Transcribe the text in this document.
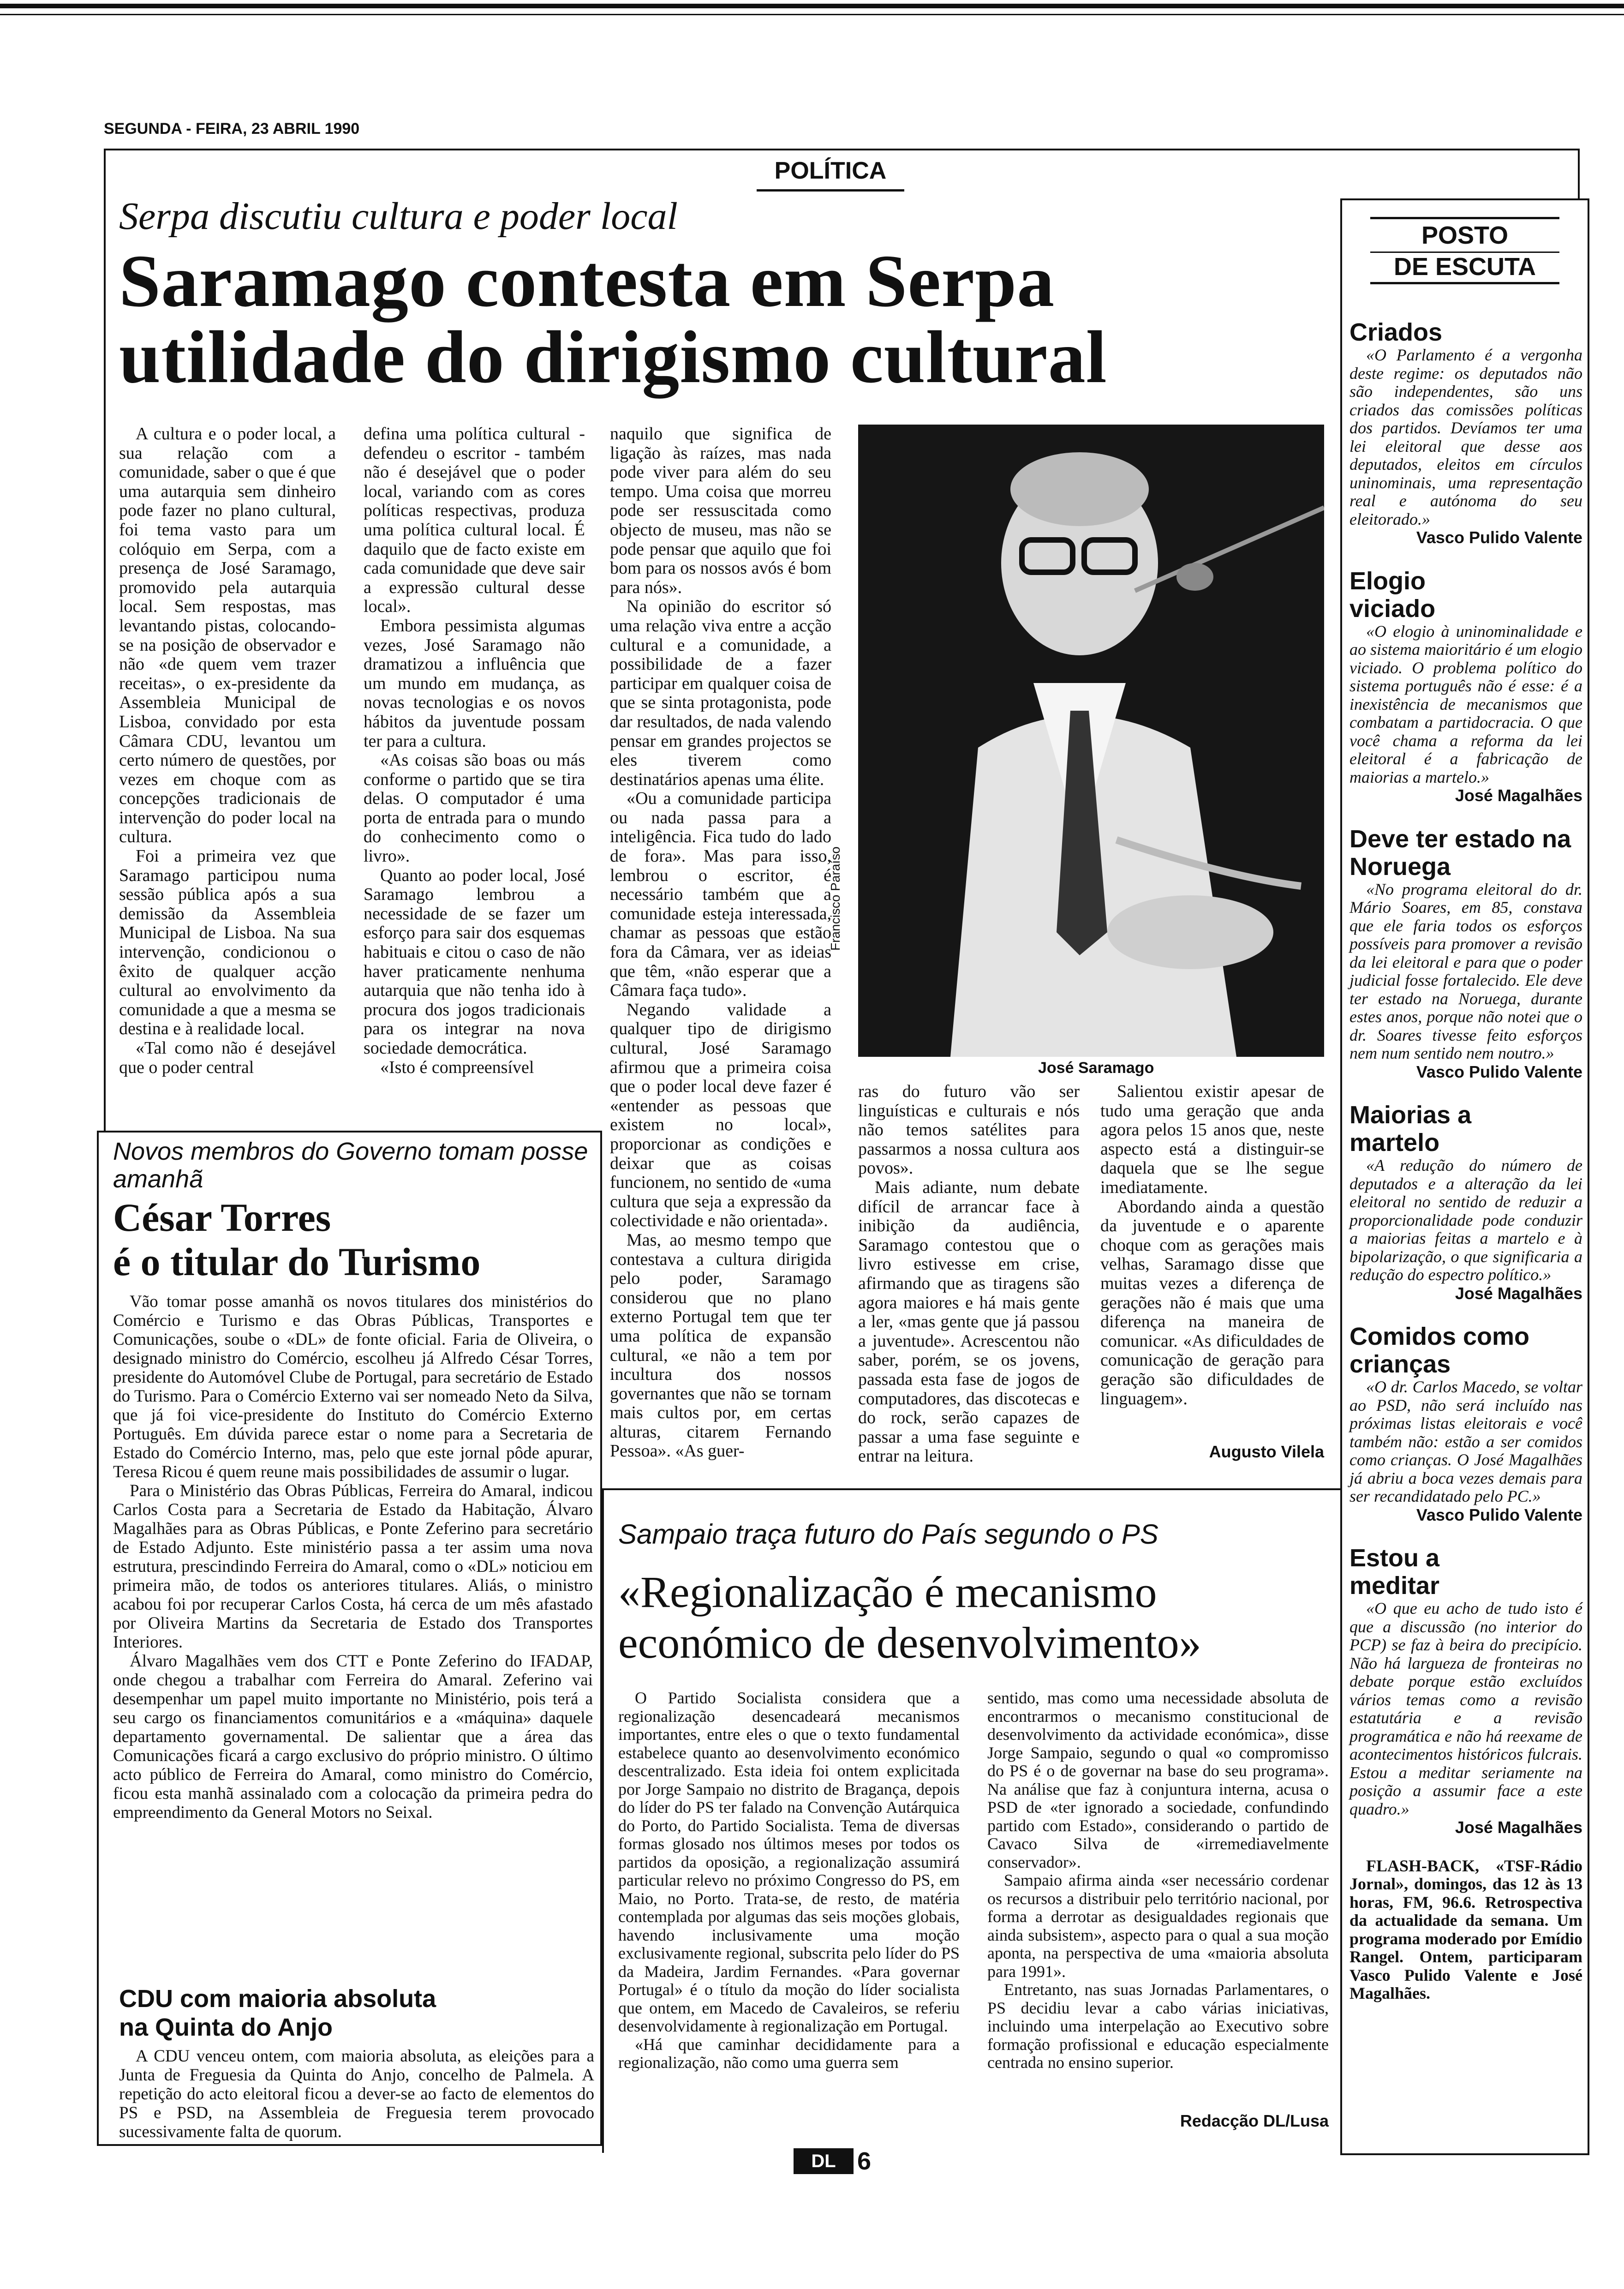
SEGUNDA - FEIRA, 23 ABRIL 1990
POLÍTICA
Serpa discutiu cultura e poder local
Saramago contesta em Serpa
utilidade do dirigismo cultural

A cultura e o poder local, a sua relação com a comunidade, saber o que é que uma autarquia sem dinheiro pode fazer no plano cultural, foi tema vasto para um colóquio em Serpa, com a presença de José Saramago, promovido pela autarquia local. Sem respostas, mas levantando pistas, colocando-se na posição de observador e não «de quem vem trazer receitas», o ex-presidente da Assembleia Municipal de Lisboa, convidado por esta Câmara CDU, levantou um certo número de questões, por vezes em choque com as concepções tradicionais de intervenção do poder local na cultura.

Foi a primeira vez que Saramago participou numa sessão pública após a sua demissão da Assembleia Municipal de Lisboa. Na sua intervenção, condicionou o êxito de qualquer acção cultural ao envolvimento da comunidade a que a mesma se destina e à realidade local.

«Tal como não é desejável que o poder central

defina uma política cultural - defendeu o escritor - também não é desejável que o poder local, variando com as cores políticas respectivas, produza uma política cultural local. É daquilo que de facto existe em cada comunidade que deve sair a expressão cultural desse local».

Embora pessimista algumas vezes, José Saramago não dramatizou a influência que um mundo em mudança, as novas tecnologias e os novos hábitos da juventude possam ter para a cultura.

«As coisas são boas ou más conforme o partido que se tira delas. O computador é uma porta de entrada para o mundo do conhecimento como o livro».

Quanto ao poder local, José Saramago lembrou a necessidade de se fazer um esforço para sair dos esquemas habituais e citou o caso de não haver praticamente nenhuma autarquia que não tenha ido à procura dos jogos tradicionais para os integrar na nova sociedade democrática.

«Isto é compreensível

naquilo que significa de ligação às raízes, mas nada pode viver para além do seu tempo. Uma coisa que morreu pode ser ressuscitada como objecto de museu, mas não se pode pensar que aquilo que foi bom para os nossos avós é bom para nós».

Na opinião do escritor só uma relação viva entre a acção cultural e a comunidade, a possibilidade de a fazer participar em qualquer coisa de que se sinta protagonista, pode dar resultados, de nada valendo pensar em grandes projectos se eles tiverem como destinatários apenas uma élite.

«Ou a comunidade participa ou nada passa para a inteligência. Fica tudo do lado de fora». Mas para isso, lembrou o escritor, é necessário também que a comunidade esteja interessada, chamar as pessoas que estão fora da Câmara, ver as ideias que têm, «não esperar que a Câmara faça tudo».

Negando validade a qualquer tipo de dirigismo cultural, José Saramago afirmou que a primeira coisa que o poder local deve fazer é «entender as pessoas que existem no local», proporcionar as condições e deixar que as coisas funcionem, no sentido de «uma cultura que seja a expressão da colectividade e não orientada».

Mas, ao mesmo tempo que contestava a cultura dirigida pelo poder, Saramago considerou que no plano externo Portugal tem que ter uma política de expansão cultural, «e não a tem por incultura dos nossos governantes que não se tornam mais cultos por, em certas alturas, citarem Fernando Pessoa». «As guer-

Francisco Paraíso
José Saramago

ras do futuro vão ser linguísticas e culturais e nós não temos satélites para passarmos a nossa cultura aos povos».

Mais adiante, num debate difícil de arrancar face à inibição da audiência, Saramago contestou que o livro estivesse em crise, afirmando que as tiragens são agora maiores e há mais gente a ler, «mas gente que já passou a juventude». Acrescentou não saber, porém, se os jovens, passada esta fase de jogos de computadores, das discotecas e do rock, serão capazes de passar a uma fase seguinte e entrar na leitura.

Salientou existir apesar de tudo uma geração que anda agora pelos 15 anos que, neste aspecto está a distinguir-se daquela que se lhe segue imediatamente.

Abordando ainda a questão da juventude e o aparente choque com as gerações mais velhas, Saramago disse que muitas vezes a diferença de gerações não é mais que uma diferença na maneira de comunicar. «As dificuldades de comunicação de geração para geração são dificuldades de linguagem».

Augusto Vilela
Novos membros do Governo tomam posse amanhã
César Torres
é o titular do Turismo

Vão tomar posse amanhã os novos titulares dos ministérios do Comércio e Turismo e das Obras Públicas, Transportes e Comunicações, soube o «DL» de fonte oficial. Faria de Oliveira, o designado ministro do Comércio, escolheu já Alfredo César Torres, presidente do Automóvel Clube de Portugal, para secretário de Estado do Turismo. Para o Comércio Externo vai ser nomeado Neto da Silva, que já foi vice-presidente do Instituto do Comércio Externo Português. Em dúvida parece estar o nome para a Secretaria de Estado do Comércio Interno, mas, pelo que este jornal pôde apurar, Teresa Ricou é quem reune mais possibilidades de assumir o lugar.

Para o Ministério das Obras Públicas, Ferreira do Amaral, indicou Carlos Costa para a Secretaria de Estado da Habitação, Álvaro Magalhães para as Obras Públicas, e Ponte Zeferino para secretário de Estado Adjunto. Este ministério passa a ter assim uma nova estrutura, prescindindo Ferreira do Amaral, como o «DL» noticiou em primeira mão, de todos os anteriores titulares. Aliás, o ministro acabou foi por recuperar Carlos Costa, há cerca de um mês afastado por Oliveira Martins da Secretaria de Estado dos Transportes Interiores.

Álvaro Magalhães vem dos CTT e Ponte Zeferino do IFADAP, onde chegou a trabalhar com Ferreira do Amaral. Zeferino vai desempenhar um papel muito importante no Ministério, pois terá a seu cargo os financiamentos comunitários e a «máquina» daquele departamento governamental. De salientar que a área das Comunicações ficará a cargo exclusivo do próprio ministro. O último acto público de Ferreira do Amaral, como ministro do Comércio, ficou esta manhã assinalado com a colocação da primeira pedra do empreendimento da General Motors no Seixal.

CDU com maioria absoluta
na Quinta do Anjo

A CDU venceu ontem, com maioria absoluta, as eleições para a Junta de Freguesia da Quinta do Anjo, concelho de Palmela. A repetição do acto eleitoral ficou a dever-se ao facto de elementos do PS e PSD, na Assembleia de Freguesia terem provocado sucessivamente falta de quorum.

Sampaio traça futuro do País segundo o PS
«Regionalização é mecanismo
económico de desenvolvimento»

O Partido Socialista considera que a regionalização desencadeará mecanismos importantes, entre eles o que o texto fundamental estabelece quanto ao desenvolvimento económico descentralizado. Esta ideia foi ontem explicitada por Jorge Sampaio no distrito de Bragança, depois do líder do PS ter falado na Convenção Autárquica do Porto, do Partido Socialista. Tema de diversas formas glosado nos últimos meses por todos os partidos da oposição, a regionalização assumirá particular relevo no próximo Congresso do PS, em Maio, no Porto. Trata-se, de resto, de matéria contemplada por algumas das seis moções globais, havendo inclusivamente uma moção exclusivamente regional, subscrita pelo líder do PS da Madeira, Jardim Fernandes. «Para governar Portugal» é o título da moção do líder socialista que ontem, em Macedo de Cavaleiros, se referiu desenvolvidamente à regionalização em Portugal.

«Há que caminhar decididamente para a regionalização, não como uma guerra sem

sentido, mas como uma necessidade absoluta de encontrarmos o mecanismo constitucional de desenvolvimento da actividade económica», disse Jorge Sampaio, segundo o qual «o compromisso do PS é o de governar na base do seu programa». Na análise que faz à conjuntura interna, acusa o PSD de «ter ignorado a sociedade, confundindo partido com Estado», considerando o partido de Cavaco Silva de «irremediavelmente conservador».

Sampaio afirma ainda «ser necessário cordenar os recursos a distribuir pelo território nacional, por forma a derrotar as desigualdades regionais que ainda subsistem», aspecto para o qual a sua moção aponta, na perspectiva de uma «maioria absoluta para 1991».

Entretanto, nas suas Jornadas Parlamentares, o PS decidiu levar a cabo várias iniciativas, incluindo uma interpelação ao Executivo sobre formação profissional e educação especialmente centrada no ensino superior.

Redacção DL/Lusa
DL 6
POSTO
DE ESCUTA
Criados
«O Parlamento é a vergonha deste regime: os deputados não são independentes, são uns criados das comissões políticas dos partidos. Devíamos ter uma lei eleitoral que desse aos deputados, eleitos em círculos uninominais, uma representação real e autónoma do seu eleitorado.»
Vasco Pulido Valente
Elogio viciado
«O elogio à uninominalidade e ao sistema maioritário é um elogio viciado. O problema político do sistema português não é esse: é a inexistência de mecanismos que combatam a partidocracia. O que você chama a reforma da lei eleitoral é a fabricação de maiorias a martelo.»
José Magalhães
Deve ter estado na Noruega
«No programa eleitoral do dr. Mário Soares, em 85, constava que ele faria todos os esforços possíveis para promover a revisão da lei eleitoral e para que o poder judicial fosse fortalecido. Ele deve ter estado na Noruega, durante estes anos, porque não notei que o dr. Soares tivesse feito esforços nem num sentido nem noutro.»
Vasco Pulido Valente
Maiorias a martelo
«A redução do número de deputados e a alteração da lei eleitoral no sentido de reduzir a proporcionalidade pode conduzir a maiorias feitas a martelo e à bipolarização, o que significaria a redução do espectro político.»
José Magalhães
Comidos como crianças
«O dr. Carlos Macedo, se voltar ao PSD, não será incluído nas próximas listas eleitorais e você também não: estão a ser comidos como crianças. O José Magalhães já abriu a boca vezes demais para ser recandidatado pelo PC.»
Vasco Pulido Valente
Estou a meditar
«O que eu acho de tudo isto é que a discussão (no interior do PCP) se faz à beira do precipício. Não há largueza de fronteiras no debate porque estão excluídos vários temas como a revisão estatutária e a revisão programática e não há reexame de acontecimentos históricos fulcrais. Estou a meditar seriamente na posição a assumir face a este quadro.»
José Magalhães
FLASH-BACK, «TSF-Rádio Jornal», domingos, das 12 às 13 horas, FM, 96.6. Retrospectiva da actualidade da semana. Um programa moderado por Emídio Rangel. Ontem, participaram Vasco Pulido Valente e José Magalhães.
